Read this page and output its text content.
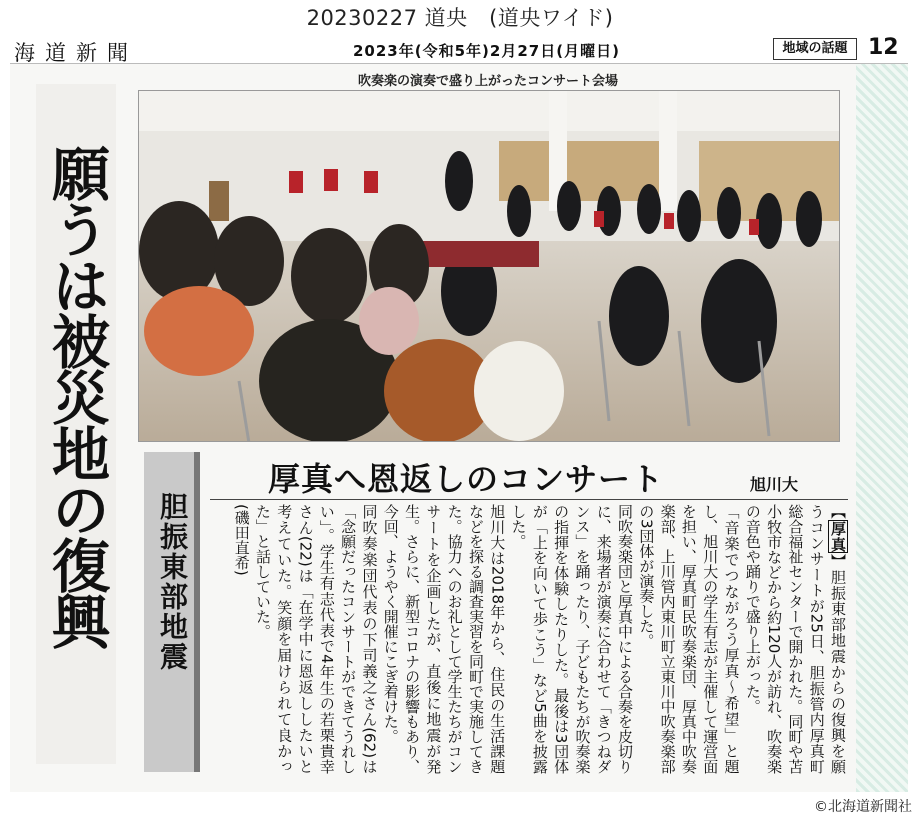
20230227 道央　(道央ワイド)
海道新聞	2023年(令和5年)2月27日(月曜日)	地域の話題 12
願うは被災地の復興
吹奏楽の演奏で盛り上がったコンサート会場
胆振東部地震
厚真へ恩返しのコンサート	旭川大

【厚真】胆振東部地震からの復興を願うコンサートが25日、胆振管内厚真町総合福祉センターで開かれた。同町や苫小牧市などから約120人が訪れ、吹奏楽の音色や踊りで盛り上がった。

「音楽でつながろう厚真～希望」と題し、旭川大の学生有志が主催して運営面を担い、厚真町民吹奏楽団、厚真中吹奏楽部、上川管内東川町立東川中吹奏楽部の3団体が演奏した。

同吹奏楽団と厚真中による合奏を皮切りに、来場者が演奏に合わせて「きつねダンス」を踊ったり、子どもたちが吹奏楽の指揮を体験したりした。最後は3団体が「上を向いて歩こう」など5曲を披露した。

旭川大は2018年から、住民の生活課題などを探る調査実習を同町で実施してきた。協力へのお礼として学生たちがコンサートを企画したが、直後に地震が発生。さらに、新型コロナの影響もあり、今回、ようやく開催にこぎ着けた。

同吹奏楽団代表の下司義之さん(62)は「念願だったコンサートができてうれしい」。学生有志代表で4年生の若栗貴幸さん(22)は「在学中に恩返ししたいと考えていた。笑顔を届けられて良かった」と話していた。

(磯田直希)

©北海道新聞社
